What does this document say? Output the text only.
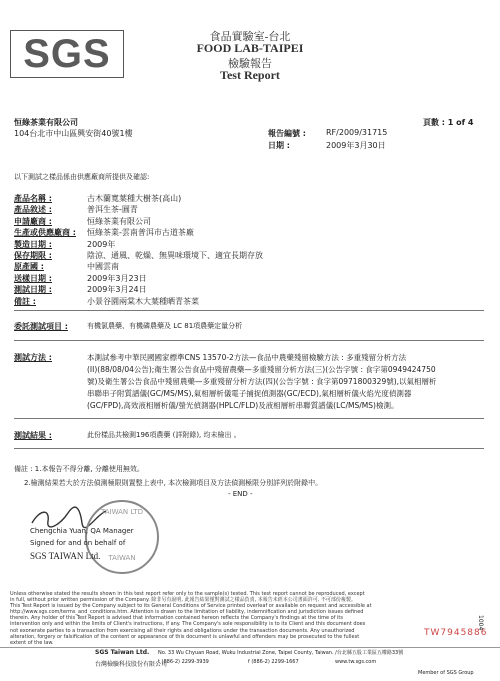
SGS	食品實驗室-台北
FOOD LAB-TAIPEI
檢驗報告
Test Report
頁數 : 1 of 4
恒綠茶業有限公司
104台北市中山區興安街40號1樓	報告編號 :	RF/2009/31715
日期 :	2009年3月30日
以下測試之樣品係由供應廠商所提供及確認:
產品名稱 :	古木蘭寬葉種大樹茶(高山)
產品敘述 :	普洱生茶-圓青
申請廠商 :	恒綠茶業有限公司
生產或供應廠商 :	恒綠茶業-雲南普洱市古道茶廠
製造日期 :	2009年
保存期限 :	陰涼、通風、乾燥、無異味環境下、適宜長期存放
原產國 :	中國雲南
送樣日期 :	2009年3月23日
測試日期 :	2009年3月24日
備註 :	小景谷園兩棠木大葉種晒青茶菜
委託測試項目 :	有機氯農藥、有機磷農藥及 LC 81項農藥定量分析
測試方法 :	本測試參考中華民國國家標準CNS 13570-2方法—食品中農藥殘留檢驗方法 : 多重殘留分析方法
(II)(88/08/04公告);衛生署公告食品中殘留農藥—多重殘留分析方法(三)(公告字號 : 食字第0949424750
號)及衛生署公告食品中殘留農藥—多重殘留分析方法(四)(公告字號 : 食字第0971800329號),以氣相層析
串聯串子附質譜儀(GC/MS/MS),氣相層析儀電子捕捉偵測器(GC/ECD),氣相層析儀火焰光度偵測器
(GC/FPD),高效液相層析儀/螢光偵測器(HPLC/FLD)及液相層析串聯質譜儀(LC/MS/MS)檢測。
測試結果 :	此份樣品共檢測196項農藥 (詳附錄), 均未檢出 。
備註 : 1.本報告不得分離, 分離使用無效。
2.檢測結果若大於方法偵測極限則置整上表中, 本次檢測項目及方法偵測極限分別詳列於附錄中。
- END -
TAIWAN LTD
TAIWAN
Chengchia Yuan, QA Manager
Signed for and on behalf of
SGS TAIWAN Ltd.
Unless otherwise stated the results shown in this test report refer only to the sample(s) tested. This test report cannot be reproduced, except
in full, without prior written permission of the Company. 除非另有說明, 此報告結果僅對測試之樣品負責, 本報告未經本公司書面許可, 不可部份複製。
This Test Report is issued by the Company subject to its General Conditions of Service printed overleaf or available on request and accessible at
http://www.sgs.com/terms_and_conditions.htm. Attention is drawn to the limitation of liability, indemnification and jurisdiction issues defined
therein. Any holder of this Test Report is advised that information contained hereon reflects the Company's findings at the time of its
intervention only and within the limits of Client's instructions, if any. The Company's sole responsibility is to its Client and this document does
not exonerate parties to a transaction from exercising all their rights and obligations under the transaction documents. Any unauthorized
alteration, forgery or falsification of the content or appearance of this document is unlawful and offenders may be prosecuted to the fullest
extent of the law.
TW7945886
1004
SGS Taiwan Ltd.
台灣檢驗科技股份有限公司
No. 33 Wu Chyuan Road, Wuku Industrial Zone, Taipei County, Taiwan. /台北縣五股工業區五權路33號
t (886-2) 2299-3939	f (886-2) 2299-1667	www.tw.sgs.com
Member of SGS Group
